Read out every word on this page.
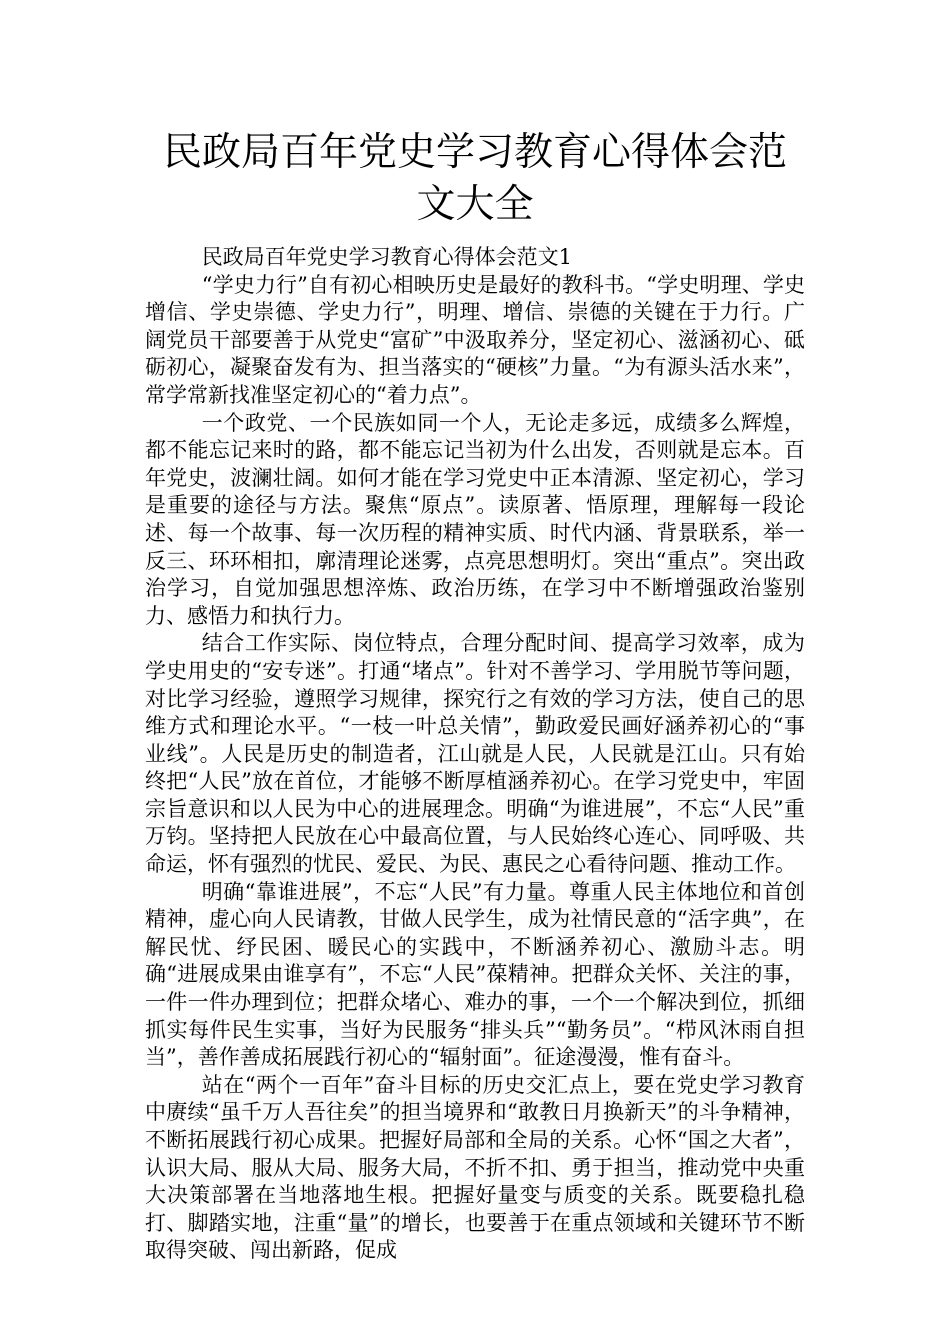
民政局百年党史学习教育心得体会范文大全

民政局百年党史学习教育心得体会范文1

“学史力行”自有初心相映历史是最好的教科书。“学史明理、学史增信、学史崇德、学史力行”，明理、增信、崇德的关键在于力行。广阔党员干部要善于从党史“富矿”中汲取养分，坚定初心、滋涵初心、砥砺初心，凝聚奋发有为、担当落实的“硬核”力量。“为有源头活水来”，常学常新找准坚定初心的“着力点”。

一个政党、一个民族如同一个人，无论走多远，成绩多么辉煌，都不能忘记来时的路，都不能忘记当初为什么出发，否则就是忘本。百年党史，波澜壮阔。如何才能在学习党史中正本清源、坚定初心，学习是重要的途径与方法。聚焦“原点”。读原著、悟原理，理解每一段论述、每一个故事、每一次历程的精神实质、时代内涵、背景联系，举一反三、环环相扣，廓清理论迷雾，点亮思想明灯。突出“重点”。突出政治学习，自觉加强思想淬炼、政治历练，在学习中不断增强政治鉴别力、感悟力和执行力。

结合工作实际、岗位特点，合理分配时间、提高学习效率，成为学史用史的“安专迷”。打通“堵点”。针对不善学习、学用脱节等问题，对比学习经验，遵照学习规律，探究行之有效的学习方法，使自己的思维方式和理论水平。“一枝一叶总关情”，勤政爱民画好涵养初心的“事业线”。人民是历史的制造者，江山就是人民，人民就是江山。只有始终把“人民”放在首位，才能够不断厚植涵养初心。在学习党史中，牢固宗旨意识和以人民为中心的进展理念。明确“为谁进展”，不忘“人民”重万钧。坚持把人民放在心中最高位置，与人民始终心连心、同呼吸、共命运，怀有强烈的忧民、爱民、为民、惠民之心看待问题、推动工作。

明确“靠谁进展”，不忘“人民”有力量。尊重人民主体地位和首创精神，虚心向人民请教，甘做人民学生，成为社情民意的“活字典”，在解民忧、纾民困、暖民心的实践中，不断涵养初心、激励斗志。明确“进展成果由谁享有”，不忘“人民”葆精神。把群众关怀、关注的事，一件一件办理到位；把群众堵心、难办的事，一个一个解决到位，抓细抓实每件民生实事，当好为民服务“排头兵”“勤务员”。“栉风沐雨自担当”，善作善成拓展践行初心的“辐射面”。征途漫漫，惟有奋斗。

站在“两个一百年”奋斗目标的历史交汇点上，要在党史学习教育中赓续“虽千万人吾往矣”的担当境界和“敢教日月换新天”的斗争精神，不断拓展践行初心成果。把握好局部和全局的关系。心怀“国之大者”，认识大局、服从大局、服务大局，不折不扣、勇于担当，推动党中央重大决策部署在当地落地生根。把握好量变与质变的关系。既要稳扎稳打、脚踏实地，注重“量”的增长，也要善于在重点领域和关键环节不断取得突破、闯出新路，促成
